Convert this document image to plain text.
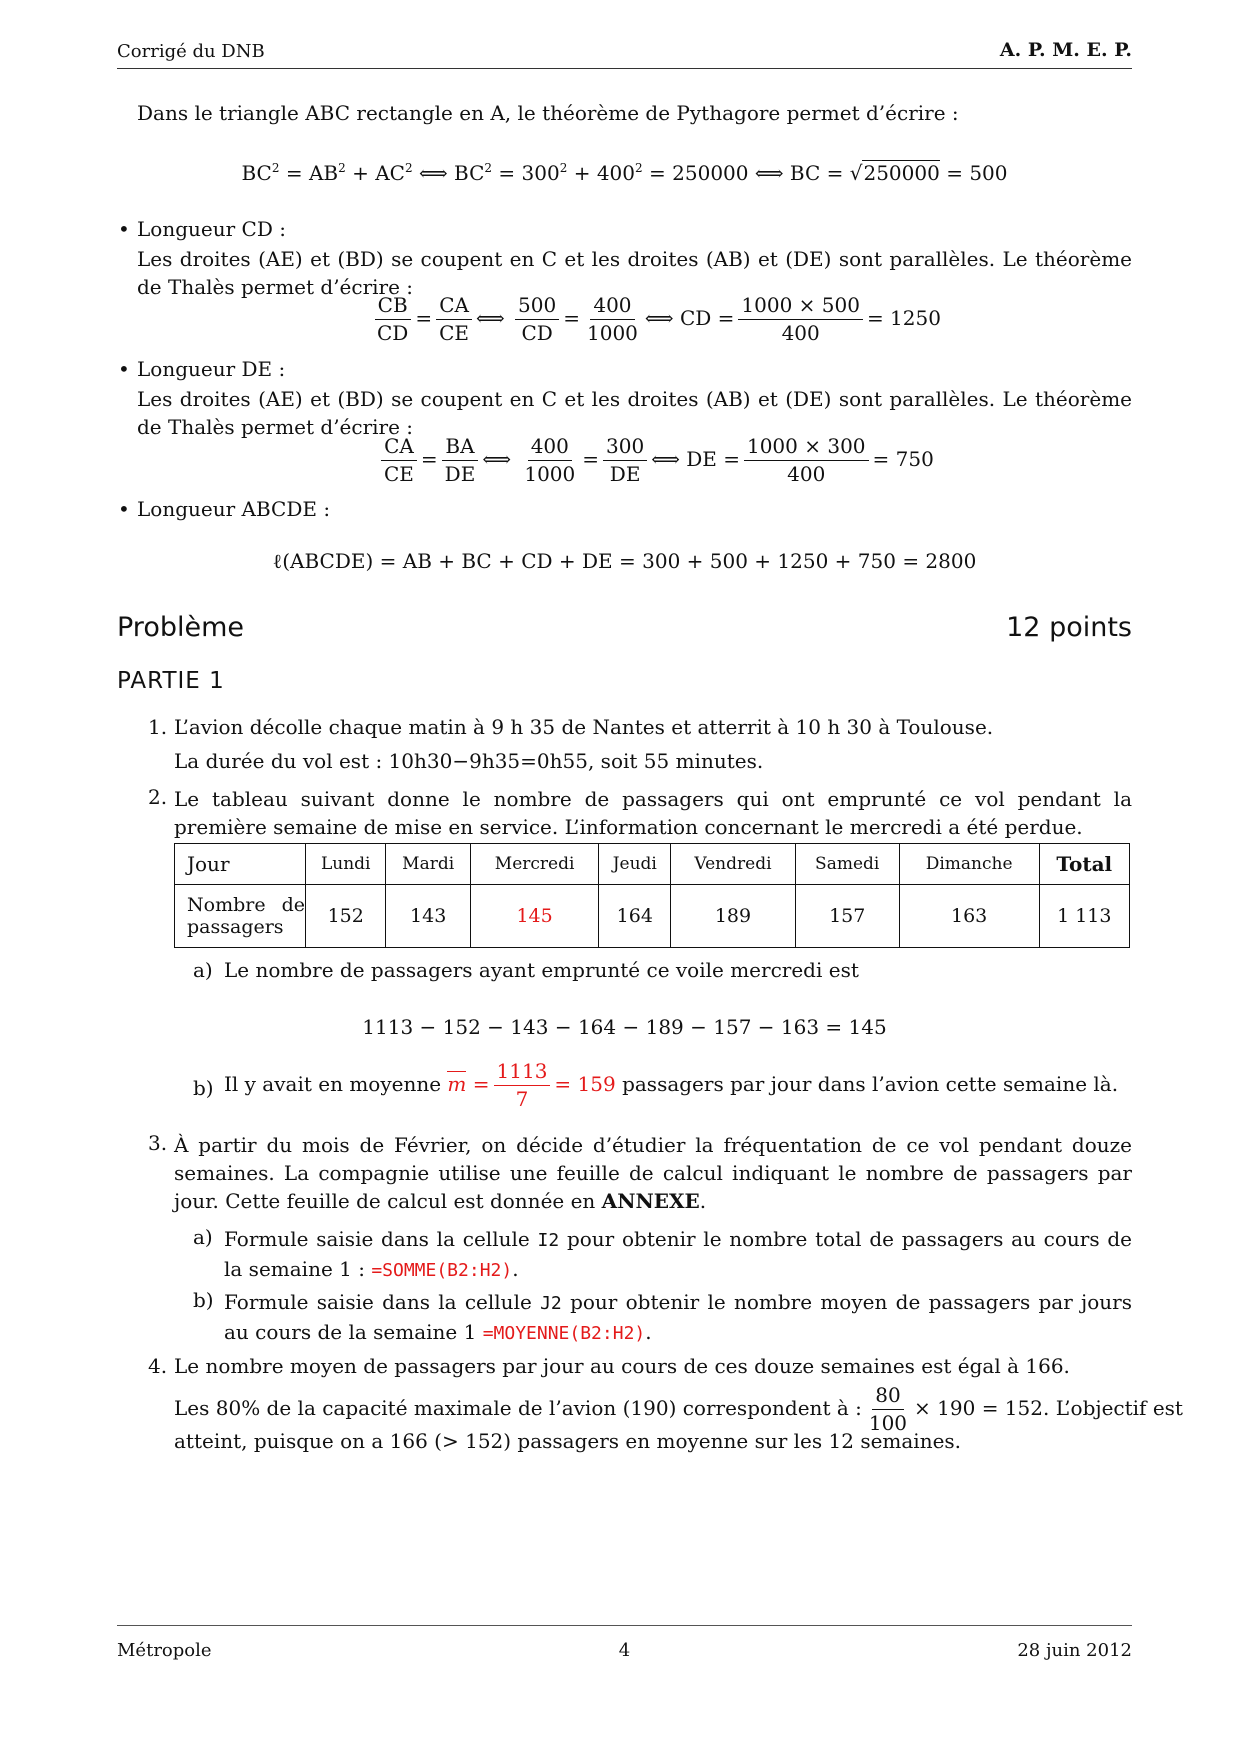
Corrigé du DNB	A. P. M. E. P.
Dans le triangle ABC rectangle en A, le théorème de Pythagore permet d’écrire :
$BC^2 = AB^2 + AC^2$ ⟺ $BC^2 = 300^2 + 400^2 = 250000$ ⟺ BC = √250000 = 500
• Longueur CD :
Les droites (AE) et (BD) se coupent en C et les droites (AB) et (DE) sont parallèles. Le théorème de Thalès permet d’écrire :
$\frac{CB}{CD} = \frac{CA}{CE}$ ⟺ $\frac{500}{CD} = \frac{400}{1000}$ ⟺ CD = $\frac{1000 \times 500}{400} = 1250$
• Longueur DE :
Les droites (AE) et (BD) se coupent en C et les droites (AB) et (DE) sont parallèles. Le théorème de Thalès permet d’écrire :
$\frac{CA}{CE} = \frac{BA}{DE}$ ⟺ $\frac{400}{1000} = \frac{300}{DE}$ ⟺ DE = $\frac{1000 \times 300}{400} = 750$
• Longueur ABCDE :
ℓ(ABCDE) = AB + BC + CD + DE = 300 + 500 + 1250 + 750 = 2800
Problème	12 points
PARTIE 1
1. L’avion décolle chaque matin à 9 h 35 de Nantes et atterrit à 10 h 30 à Toulouse.
La durée du vol est : 10h30−9h35=0h55, soit 55 minutes.
2. Le tableau suivant donne le nombre de passagers qui ont emprunté ce vol pendant la première semaine de mise en service. L’information concernant le mercredi a été perdue.
Jour	Lundi	Mardi	Mercredi	Jeudi	Vendredi	Samedi	Dimanche	Total
Nombre de passagers	152	143	145	164	189	157	163	1 113
a) Le nombre de passagers ayant emprunté ce voile mercredi est
1113 − 152 − 143 − 164 − 189 − 157 − 163 = 145
b) Il y avait en moyenne $m = \frac{1113}{7} = 159$ passagers par jour dans l’avion cette semaine là.
3. À partir du mois de Février, on décide d’étudier la fréquentation de ce vol pendant douze semaines. La compagnie utilise une feuille de calcul indiquant le nombre de passagers par jour. Cette feuille de calcul est donnée en ANNEXE.
a) Formule saisie dans la cellule I2 pour obtenir le nombre total de passagers au cours de la semaine 1 : =SOMME(B2:H2).
b) Formule saisie dans la cellule J2 pour obtenir le nombre moyen de passagers par jours au cours de la semaine 1 =MOYENNE(B2:H2).
4. Le nombre moyen de passagers par jour au cours de ces douze semaines est égal à 166.
Les 80% de la capacité maximale de l’avion (190) correspondent à : $\frac{80}{100} \times 190 = 152$. L’objectif est
atteint, puisque on a 166 (> 152) passagers en moyenne sur les 12 semaines.
Métropole	4	28 juin 2012
